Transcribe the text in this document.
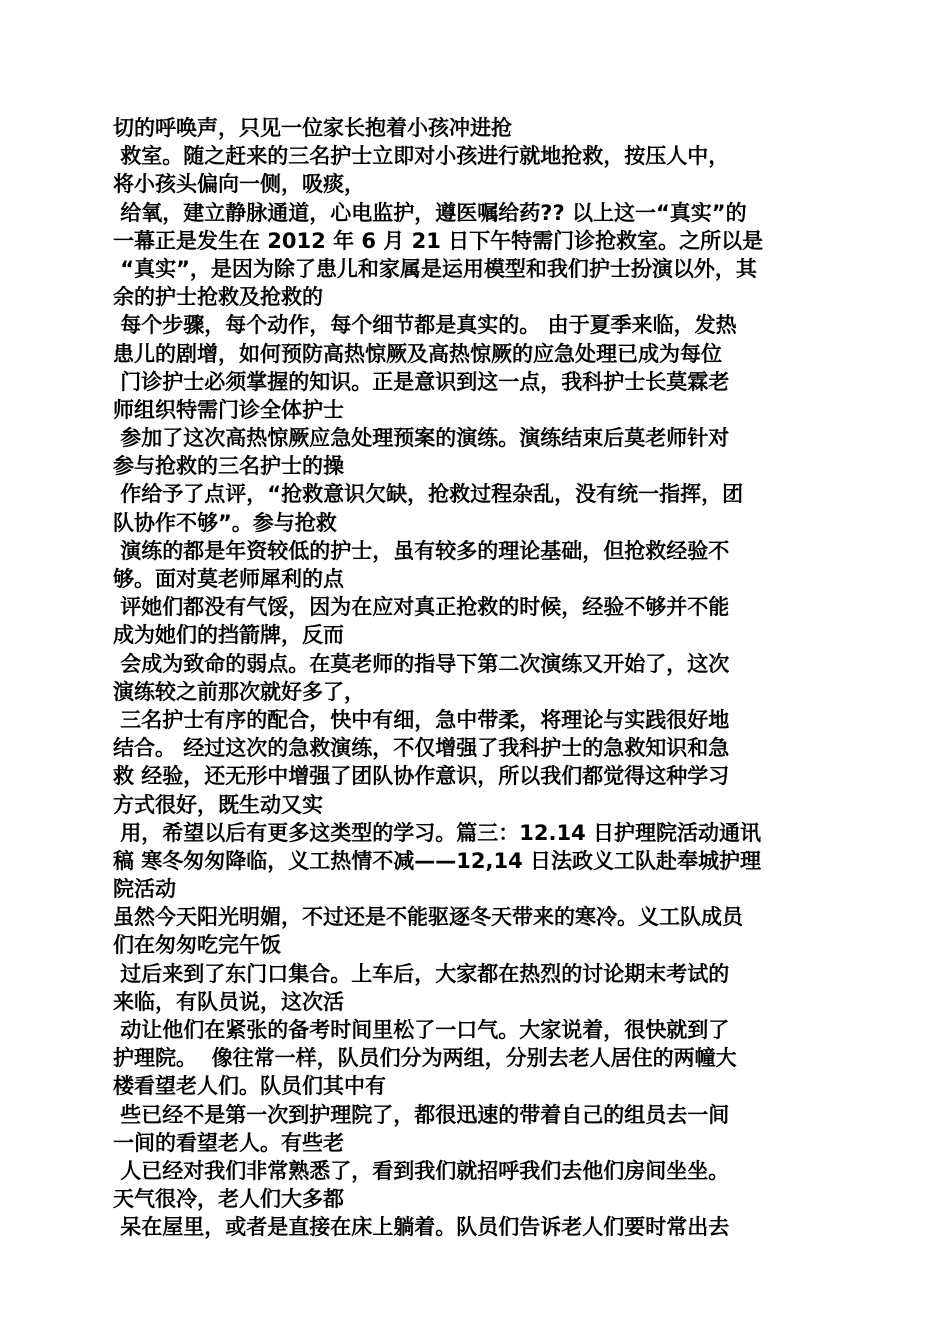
切的呼唤声，只见一位家长抱着小孩冲进抢
救室。随之赶来的三名护士立即对小孩进行就地抢救，按压人中，
将小孩头偏向一侧，吸痰，
给氧，建立静脉通道，心电监护，遵医嘱给药?? 以上这一“真实”的
一幕正是发生在 2012 年 6 月 21 日下午特需门诊抢救室。之所以是
“真实”，是因为除了患儿和家属是运用模型和我们护士扮演以外，其
余的护士抢救及抢救的
每个步骤，每个动作，每个细节都是真实的。 由于夏季来临，发热
患儿的剧增，如何预防高热惊厥及高热惊厥的应急处理已成为每位
门诊护士必须掌握的知识。正是意识到这一点，我科护士长莫霖老
师组织特需门诊全体护士
参加了这次高热惊厥应急处理预案的演练。演练结束后莫老师针对
参与抢救的三名护士的操
作给予了点评，“抢救意识欠缺，抢救过程杂乱，没有统一指挥，团
队协作不够”。参与抢救
演练的都是年资较低的护士，虽有较多的理论基础，但抢救经验不
够。面对莫老师犀利的点
评她们都没有气馁，因为在应对真正抢救的时候，经验不够并不能
成为她们的挡箭牌，反而
会成为致命的弱点。在莫老师的指导下第二次演练又开始了，这次
演练较之前那次就好多了，
三名护士有序的配合，快中有细，急中带柔，将理论与实践很好地
结合。 经过这次的急救演练，不仅增强了我科护士的急救知识和急
救 经验，还无形中增强了团队协作意识，所以我们都觉得这种学习
方式很好，既生动又实
用，希望以后有更多这类型的学习。篇三：12.14 日护理院活动通讯
稿 寒冬匆匆降临，义工热情不减——12,14 日法政义工队赴奉城护理
院活动
虽然今天阳光明媚，不过还是不能驱逐冬天带来的寒冷。义工队成员
们在匆匆吃完午饭
过后来到了东门口集合。上车后，大家都在热烈的讨论期末考试的
来临，有队员说，这次活
动让他们在紧张的备考时间里松了一口气。大家说着，很快就到了
护理院。  像往常一样，队员们分为两组，分别去老人居住的两幢大
楼看望老人们。队员们其中有
些已经不是第一次到护理院了，都很迅速的带着自己的组员去一间
一间的看望老人。有些老
人已经对我们非常熟悉了，看到我们就招呼我们去他们房间坐坐。
天气很冷，老人们大多都
呆在屋里，或者是直接在床上躺着。队员们告诉老人们要时常出去
